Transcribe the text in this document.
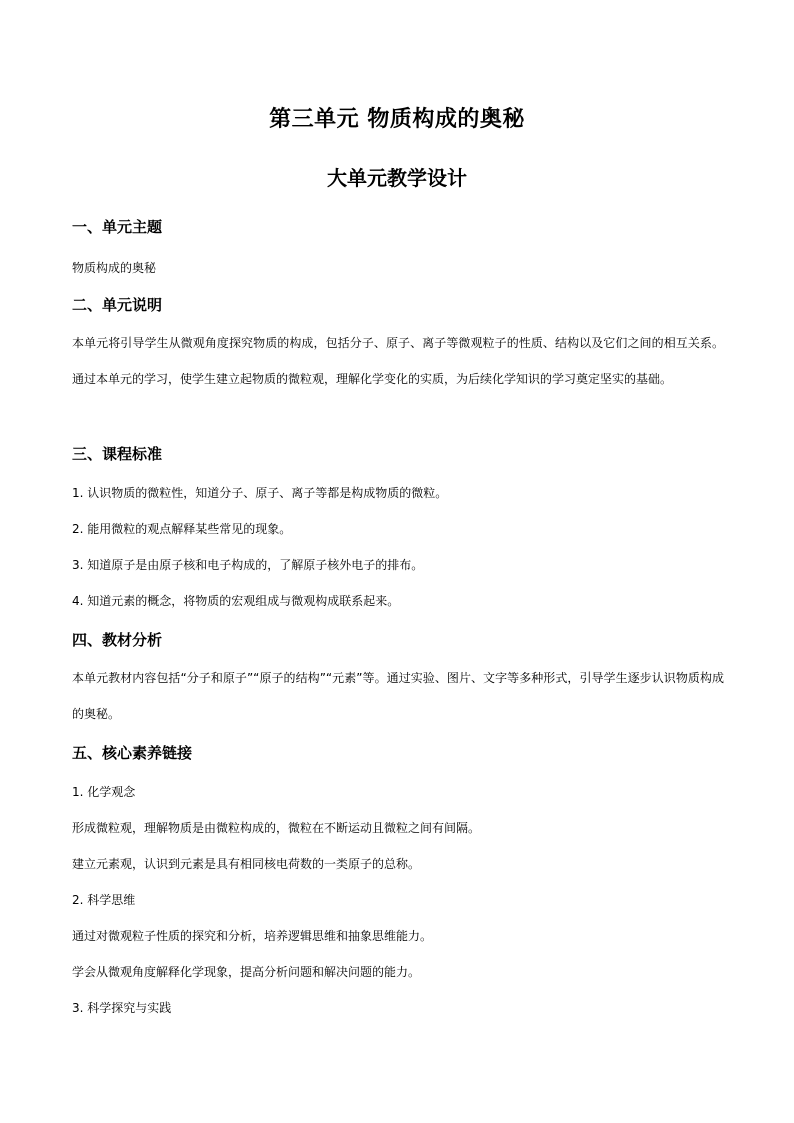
第三单元 物质构成的奥秘
大单元教学设计
一、单元主题
物质构成的奥秘
二、单元说明
本单元将引导学生从微观角度探究物质的构成，包括分子、原子、离子等微观粒子的性质、结构以及它们之间的相互关系。通过本单元的学习，使学生建立起物质的微粒观，理解化学变化的实质，为后续化学知识的学习奠定坚实的基础。
三、课程标准
1. 认识物质的微粒性，知道分子、原子、离子等都是构成物质的微粒。
2. 能用微粒的观点解释某些常见的现象。
3. 知道原子是由原子核和电子构成的，了解原子核外电子的排布。
4. 知道元素的概念，将物质的宏观组成与微观构成联系起来。
四、教材分析
本单元教材内容包括“分子和原子”“原子的结构”“元素”等。通过实验、图片、文字等多种形式，引导学生逐步认识物质构成的奥秘。
五、核心素养链接
1. 化学观念
形成微粒观，理解物质是由微粒构成的，微粒在不断运动且微粒之间有间隔。
建立元素观，认识到元素是具有相同核电荷数的一类原子的总称。
2. 科学思维
通过对微观粒子性质的探究和分析，培养逻辑思维和抽象思维能力。
学会从微观角度解释化学现象，提高分析问题和解决问题的能力。
3. 科学探究与实践
